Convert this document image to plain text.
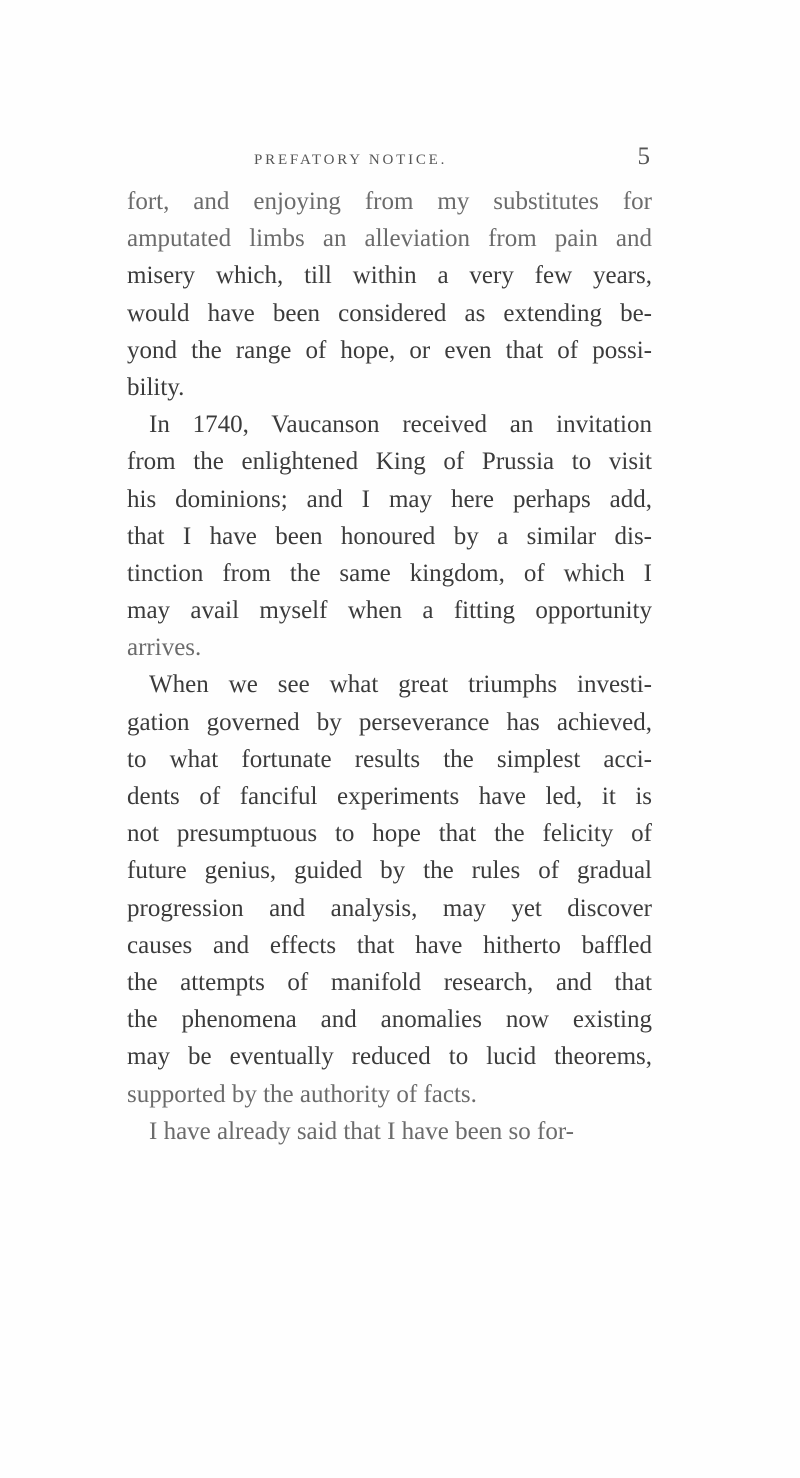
PREFATORY NOTICE.	5
fort, and enjoying from my substitutes for
amputated limbs an alleviation from pain and
misery which, till within a very few years,
would have been considered as extending be-
yond the range of hope, or even that of possi-
bility.
In 1740, Vaucanson received an invitation
from the enlightened King of Prussia to visit
his dominions; and I may here perhaps add,
that I have been honoured by a similar dis-
tinction from the same kingdom, of which I
may avail myself when a fitting opportunity
arrives.
When we see what great triumphs investi-
gation governed by perseverance has achieved,
to what fortunate results the simplest acci-
dents of fanciful experiments have led, it is
not presumptuous to hope that the felicity of
future genius, guided by the rules of gradual
progression and analysis, may yet discover
causes and effects that have hitherto baffled
the attempts of manifold research, and that
the phenomena and anomalies now existing
may be eventually reduced to lucid theorems,
supported by the authority of facts.
I have already said that I have been so for-
